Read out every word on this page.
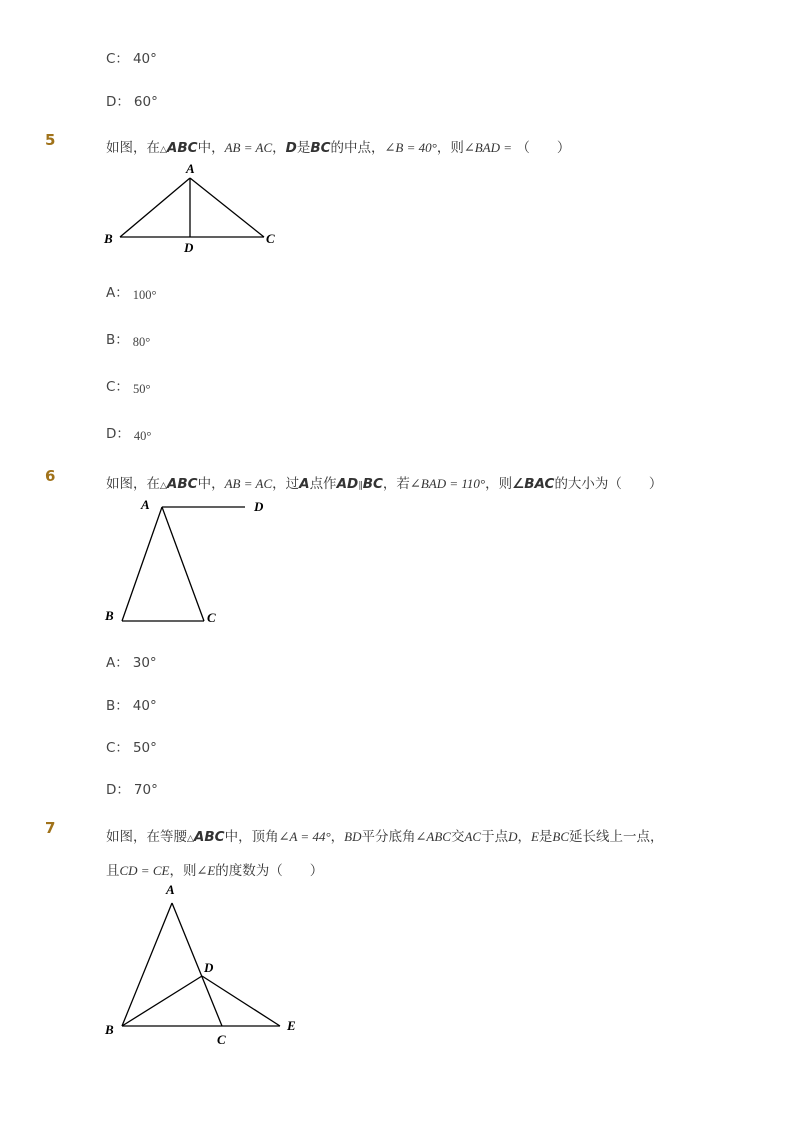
C： 40°
D： 60°
5	如图，在△ABC中，AB = AC，D是BC的中点，∠B = 40°，则∠BAD = （　　）
A
B	C
D
A： 100°
B： 80°
C： 50°
D： 40°
6	如图，在△ABC中，AB = AC，过A点作AD∥BC，若∠BAD = 110°，则∠BAC的大小为（　　）
A	D
B	C
A： 30°
B： 40°
C： 50°
D： 70°
7	如图，在等腰△ABC中，顶角∠A = 44°，BD平分底角∠ABC交AC于点D，E是BC延长线上一点，
且CD = CE，则∠E的度数为（　　）
A
D
B
C
E
